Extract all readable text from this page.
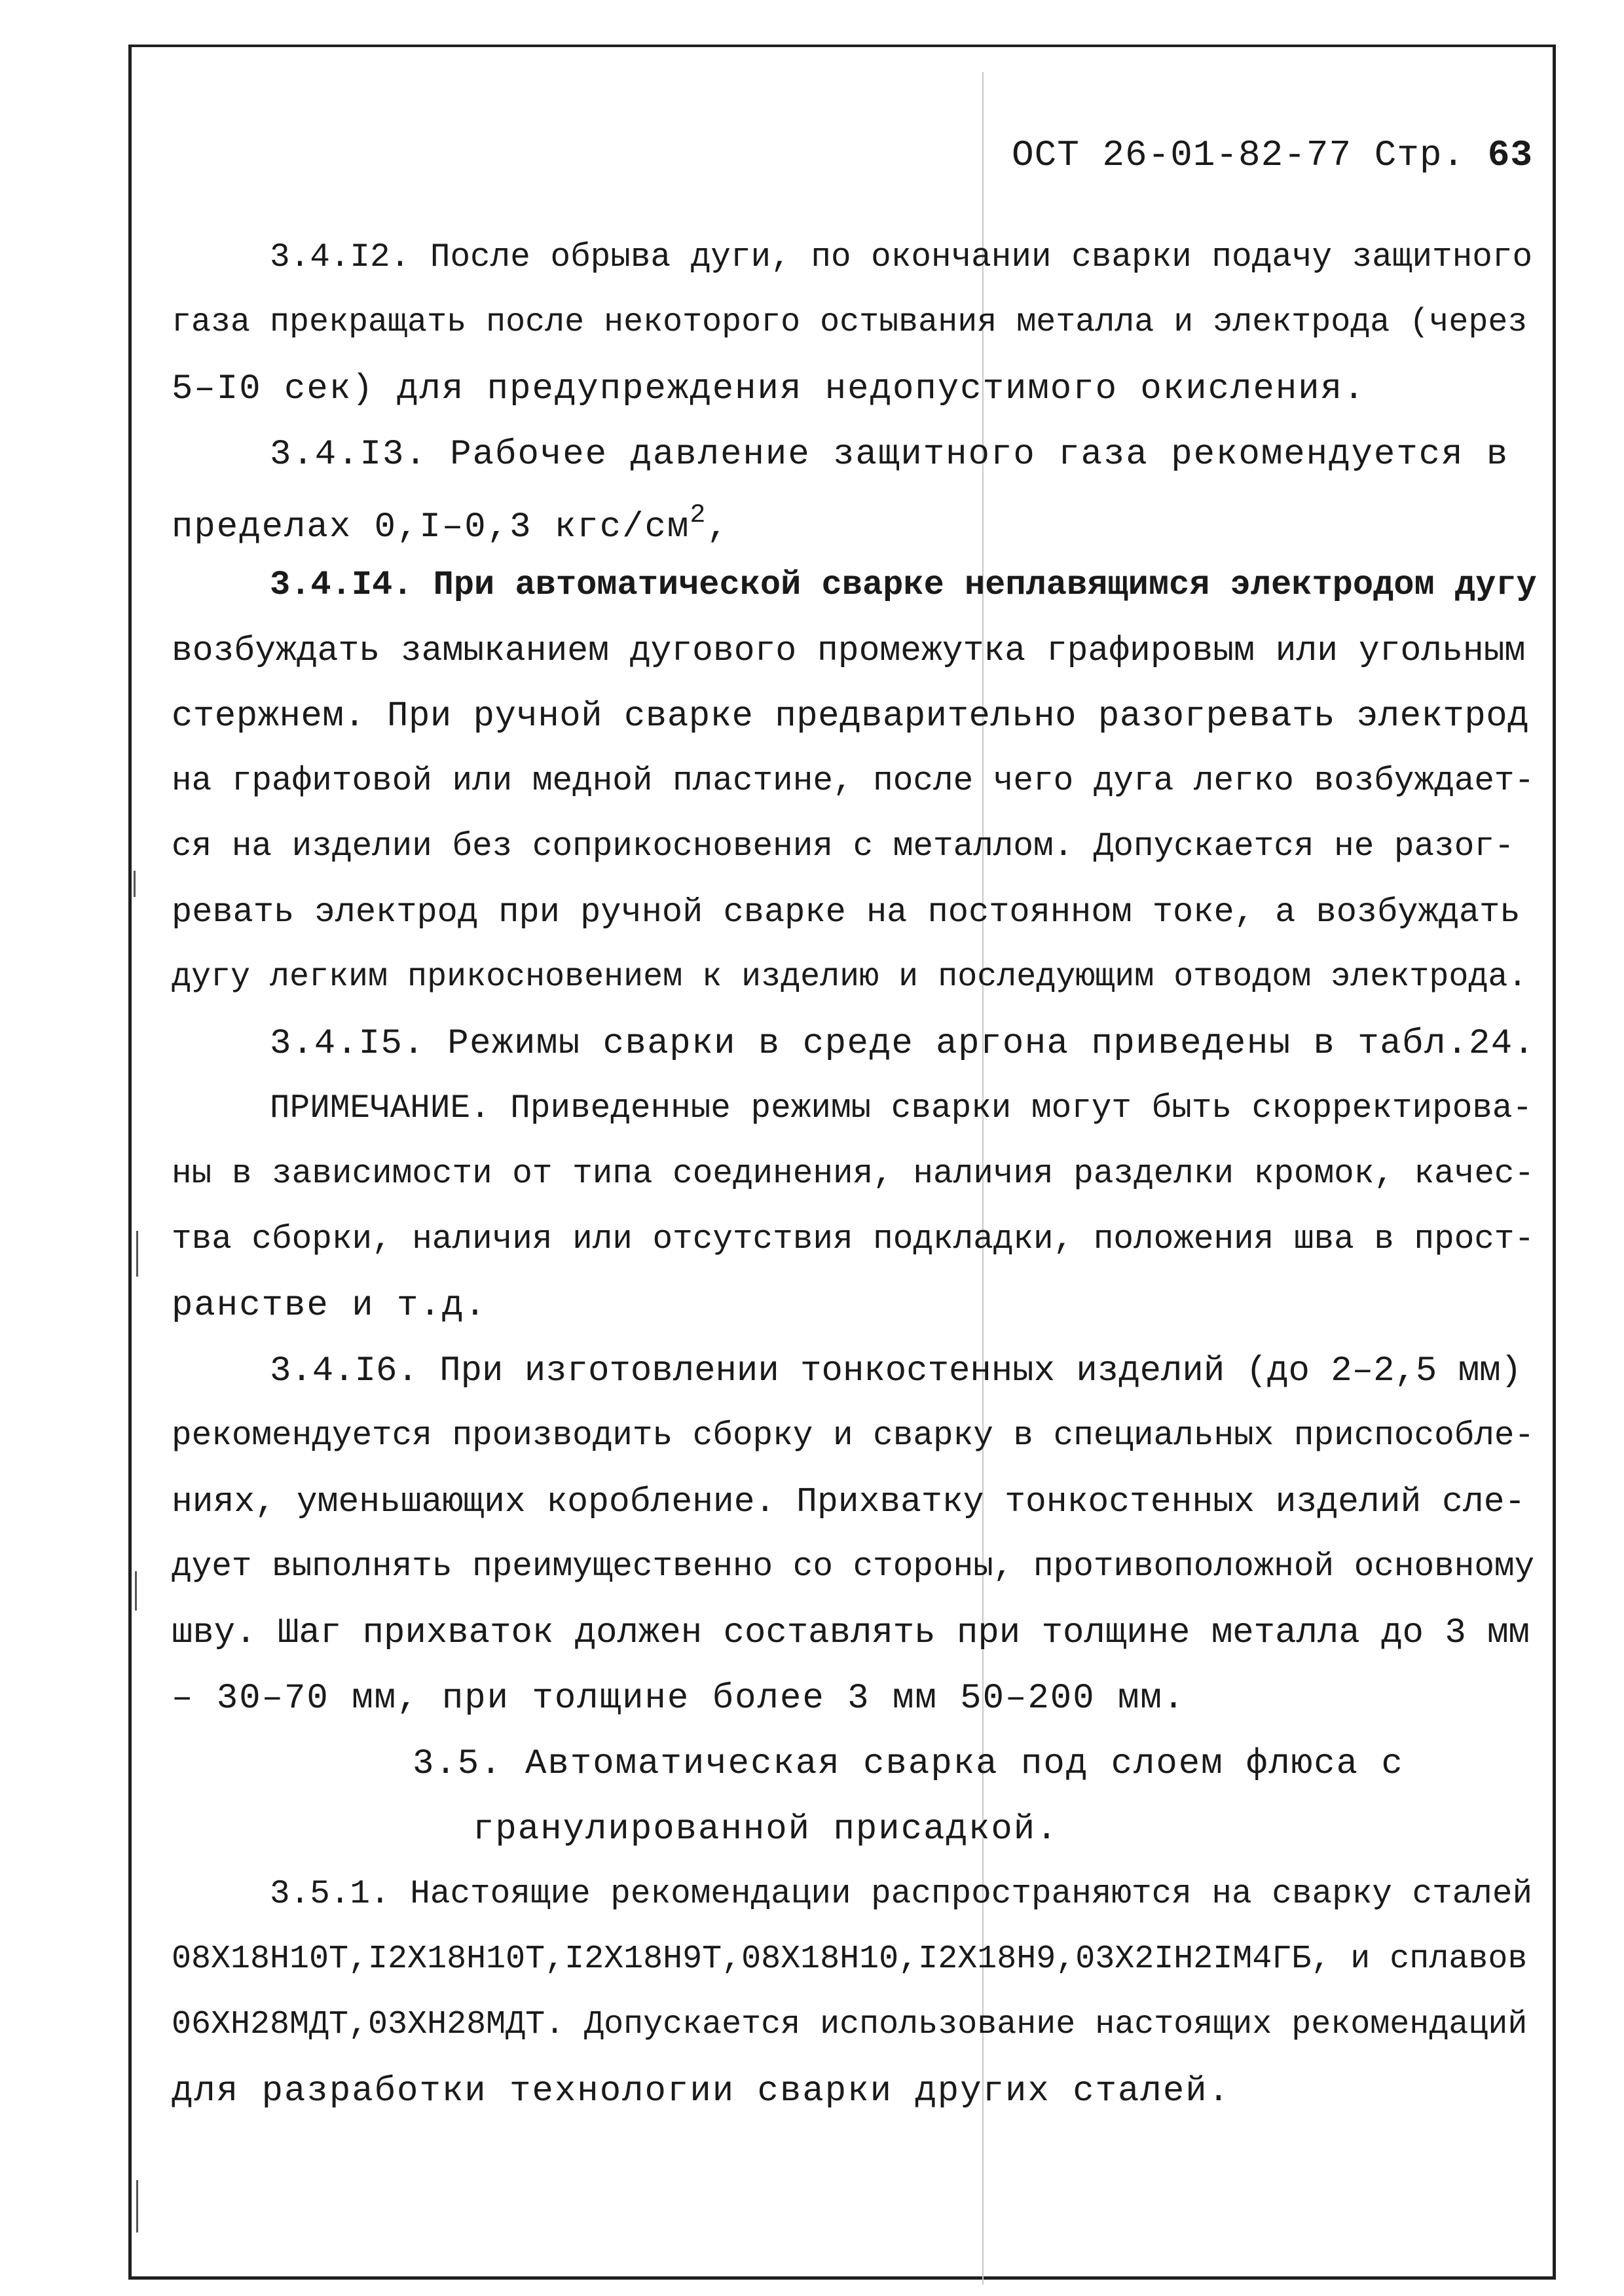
ОСТ 26-01-82-77 Стр. 63
3.4.I2. После обрыва дуги, по окончании сварки подачу защитного
газа прекращать после некоторого остывания металла и электрода (через
5–I0 сек) для предупреждения недопустимого окисления.
3.4.I3. Рабочее давление защитного газа рекомендуется в
пределах 0,I–0,3 кгс/$см^2$,
3.4.I4. При автоматической сварке неплавящимся электродом дугу
возбуждать замыканием дугового промежутка графировым или угольным
стержнем. При ручной сварке предварительно разогревать электрод
на графитовой или медной пластине, после чего дуга легко возбуждает-
ся на изделии без соприкосновения с металлом. Допускается не разог-
ревать электрод при ручной сварке на постоянном токе, а возбуждать
дугу легким прикосновением к изделию и последующим отводом электрода.
3.4.I5. Режимы сварки в среде аргона приведены в табл.24.
ПРИМЕЧАНИЕ. Приведенные режимы сварки могут быть скорректирова-
ны в зависимости от типа соединения, наличия разделки кромок, качес-
тва сборки, наличия или отсутствия подкладки, положения шва в прост-
ранстве и т.д.
3.4.I6. При изготовлении тонкостенных изделий (до 2–2,5 мм)
рекомендуется производить сборку и сварку в специальных приспособле-
ниях, уменьшающих коробление. Прихватку тонкостенных изделий сле-
дует выполнять преимущественно со стороны, противоположной основному
шву. Шаг прихваток должен составлять при толщине металла до 3 мм
– 30–70 мм, при толщине более 3 мм 50–200 мм.
3.5. Автоматическая сварка под слоем флюса с
гранулированной присадкой.
3.5.1. Настоящие рекомендации распространяются на сварку сталей
08Х18Н10Т,I2Х18Н10Т,I2Х18Н9Т,08Х18Н10,I2Х18Н9,03Х2IН2IМ4ГБ, и сплавов
06ХН28МДТ,03ХН28МДТ. Допускается использование настоящих рекомендаций
для разработки технологии сварки других сталей.
